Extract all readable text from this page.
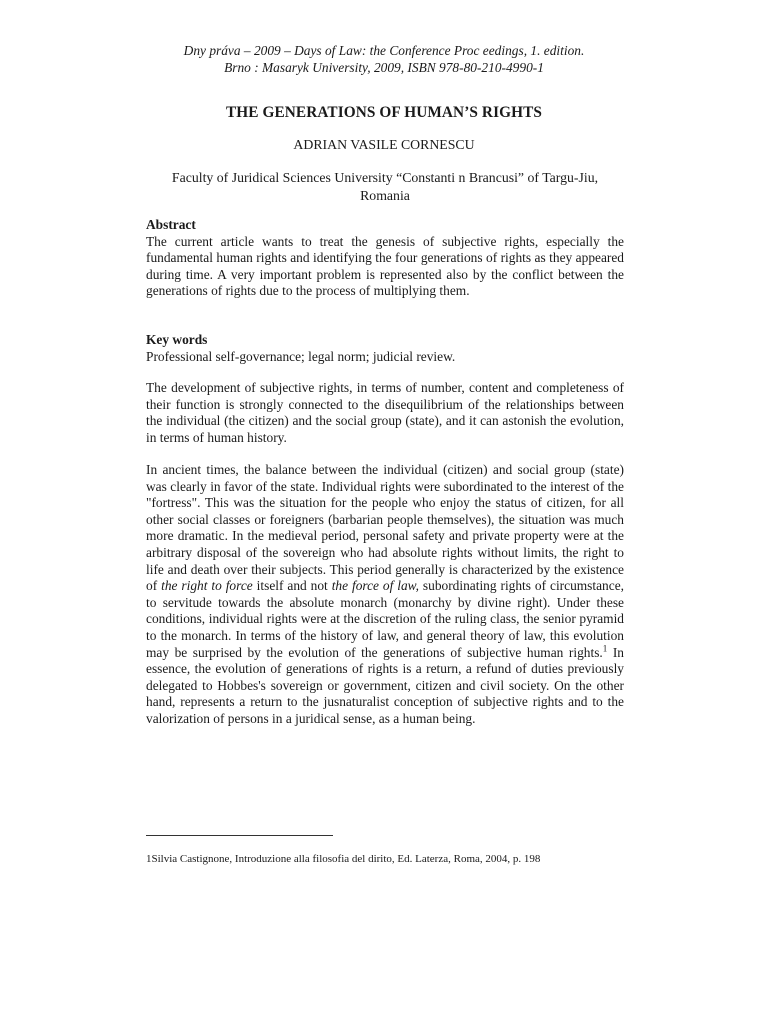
Dny práva – 2009 – Days of Law: the Conference Proc eedings, 1. edition.
Brno : Masaryk University, 2009, ISBN 978-80-210-4990-1
THE GENERATIONS OF HUMAN’S RIGHTS
ADRIAN VASILE CORNESCU
Faculty of Juridical Sciences University “Constanti n Brancusi” of Targu-Jiu, Romania
Abstract

The current article wants to treat the genesis of subjective rights, especially the fundamental human rights and identifying the four generations of rights as they appeared during time. A very important problem is represented also by the conflict between the generations of rights due to the process of multiplying them.

Key words

Professional self-governance; legal norm; judicial review.

The development of subjective rights, in terms of number, content and completeness of their function is strongly connected to the disequilibrium of the relationships between the individual (the citizen) and the social group (state), and it can astonish the evolution, in terms of human history.

In ancient times, the balance between the individual (citizen) and social group (state) was clearly in favor of the state. Individual rights were subordinated to the interest of the "fortress". This was the situation for the people who enjoy the status of citizen, for all other social classes or foreigners (barbarian people themselves), the situation was much more dramatic. In the medieval period, personal safety and private property were at the arbitrary disposal of the sovereign who had absolute rights without limits, the right to life and death over their subjects. This period generally is characterized by the existence of the right to force itself and not the force of law, subordinating rights of circumstance, to servitude towards the absolute monarch (monarchy by divine right). Under these conditions, individual rights were at the discretion of the ruling class, the senior pyramid to the monarch. In terms of the history of law, and general theory of law, this evolution may be surprised by the evolution of the generations of subjective human rights.$^1$ In essence, the evolution of generations of rights is a return, a refund of duties previously delegated to Hobbes's sovereign or government, citizen and civil society. On the other hand, represents a return to the jusnaturalist conception of subjective rights and to the valorization of persons in a juridical sense, as a human being.

1Silvia Castignone, Introduzione alla filosofia del dirito, Ed. Laterza, Roma, 2004, p. 198
